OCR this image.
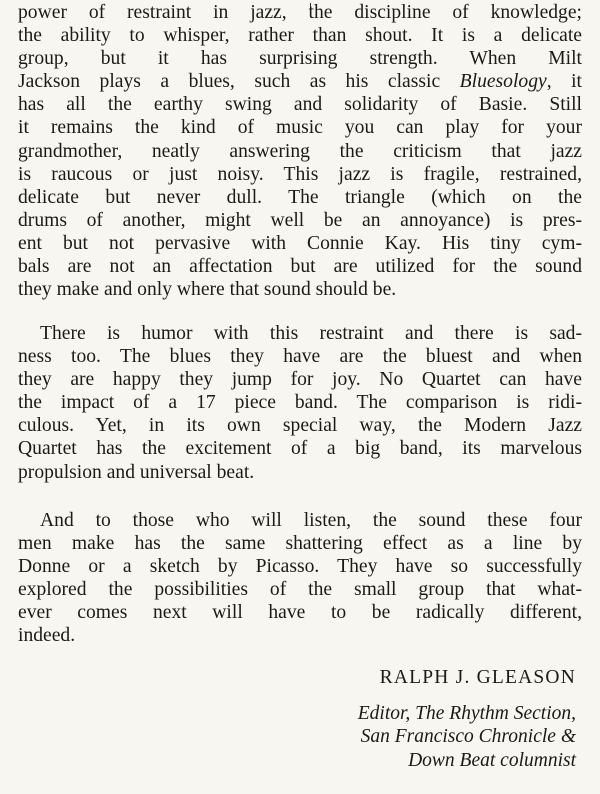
power of restraint in jazz, the discipline of knowledge;
the ability to whisper, rather than shout. It is a delicate
group, but it has surprising strength. When Milt
Jackson plays a blues, such as his classic Bluesology, it
has all the earthy swing and solidarity of Basie. Still
it remains the kind of music you can play for your
grandmother, neatly answering the criticism that jazz
is raucous or just noisy. This jazz is fragile, restrained,
delicate but never dull. The triangle (which on the
drums of another, might well be an annoyance) is pres-
ent but not pervasive with Connie Kay. His tiny cym-
bals are not an affectation but are utilized for the sound
they make and only where that sound should be.

There is humor with this restraint and there is sad-
ness too. The blues they have are the bluest and when
they are happy they jump for joy. No Quartet can have
the impact of a 17 piece band. The comparison is ridi-
culous. Yet, in its own special way, the Modern Jazz
Quartet has the excitement of a big band, its marvelous
propulsion and universal beat.

And to those who will listen, the sound these four
men make has the same shattering effect as a line by
Donne or a sketch by Picasso. They have so successfully
explored the possibilities of the small group that what-
ever comes next will have to be radically different,
indeed.

RALPH J. GLEASON

Editor, The Rhythm Section,
San Francisco Chronicle &
Down Beat columnist
